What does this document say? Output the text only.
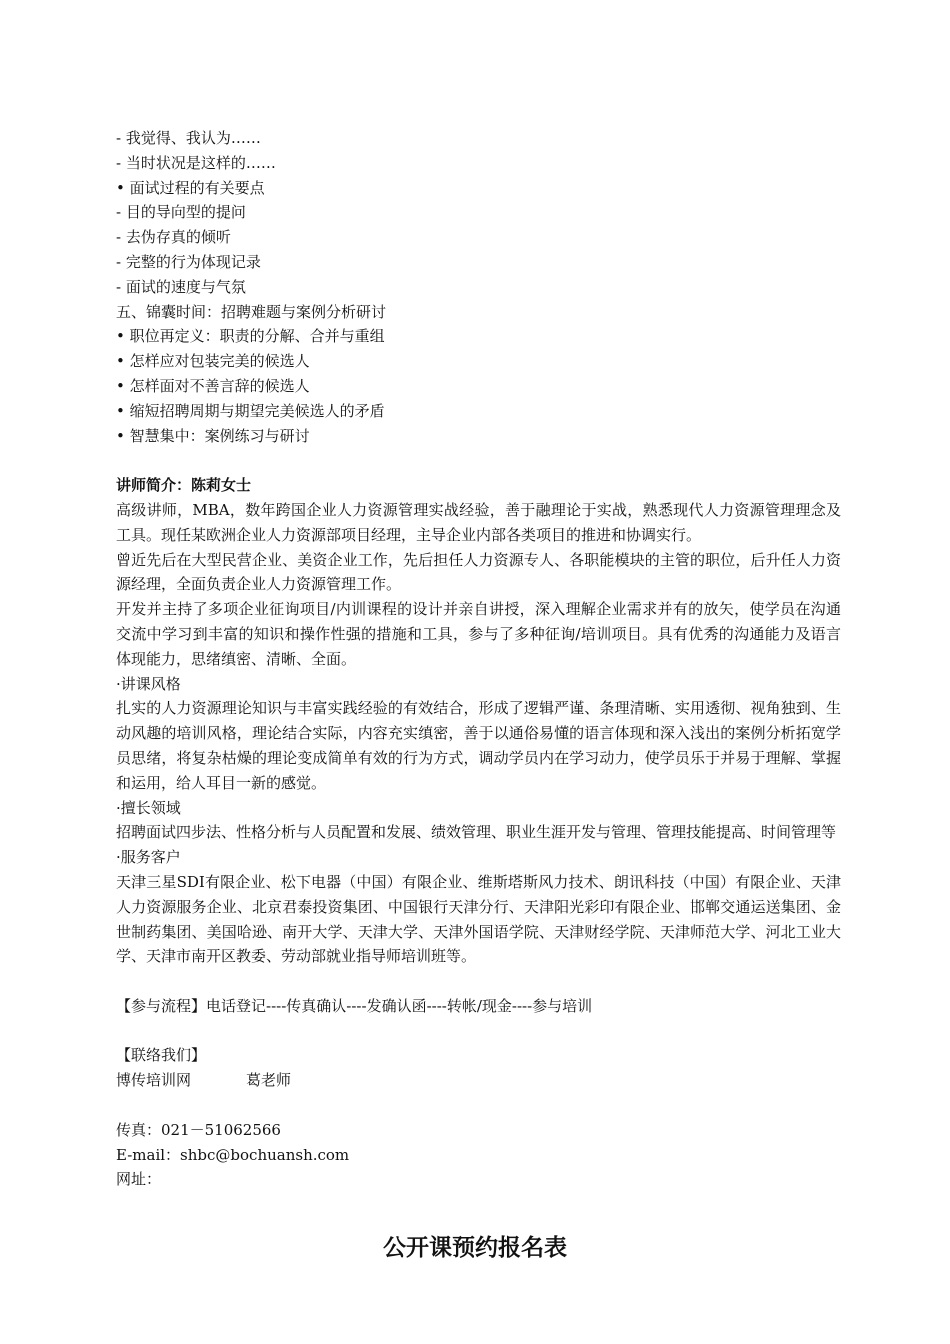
- 我觉得、我认为……
- 当时状况是这样的……
• 面试过程的有关要点
- 目的导向型的提问
- 去伪存真的倾听
- 完整的行为体现记录
- 面试的速度与气氛
五、锦囊时间：招聘难题与案例分析研讨
• 职位再定义：职责的分解、合并与重组
• 怎样应对包装完美的候选人
• 怎样面对不善言辞的候选人
• 缩短招聘周期与期望完美候选人的矛盾
• 智慧集中：案例练习与研讨
讲师简介：陈莉女士
高级讲师，MBA，数年跨国企业人力资源管理实战经验，善于融理论于实战，熟悉现代人力资源管理理念及工具。现任某欧洲企业人力资源部项目经理，主导企业内部各类项目的推进和协调实行。
曾近先后在大型民营企业、美资企业工作，先后担任人力资源专人、各职能模块的主管的职位，后升任人力资源经理，全面负责企业人力资源管理工作。
开发并主持了多项企业征询项目/内训课程的设计并亲自讲授，深入理解企业需求并有的放矢，使学员在沟通交流中学习到丰富的知识和操作性强的措施和工具，参与了多种征询/培训项目。具有优秀的沟通能力及语言体现能力，思绪缜密、清晰、全面。
·讲课风格
扎实的人力资源理论知识与丰富实践经验的有效结合，形成了逻辑严谨、条理清晰、实用透彻、视角独到、生动风趣的培训风格，理论结合实际，内容充实缜密，善于以通俗易懂的语言体现和深入浅出的案例分析拓宽学员思绪，将复杂枯燥的理论变成简单有效的行为方式，调动学员内在学习动力，使学员乐于并易于理解、掌握和运用，给人耳目一新的感觉。
·擅长领域
招聘面试四步法、性格分析与人员配置和发展、绩效管理、职业生涯开发与管理、管理技能提高、时间管理等
·服务客户
天津三星SDI有限企业、松下电器（中国）有限企业、维斯塔斯风力技术、朗讯科技（中国）有限企业、天津人力资源服务企业、北京君泰投资集团、中国银行天津分行、天津阳光彩印有限企业、邯郸交通运送集团、金世制药集团、美国哈逊、南开大学、天津大学、天津外国语学院、天津财经学院、天津师范大学、河北工业大学、天津市南开区教委、劳动部就业指导师培训班等。
【参与流程】电话登记----传真确认----发确认函----转帐/现金----参与培训
【联络我们】
博传培训网	葛老师
传真：021－51062566
E-mail：shbc@bochuansh.com
网址：
公开课预约报名表
